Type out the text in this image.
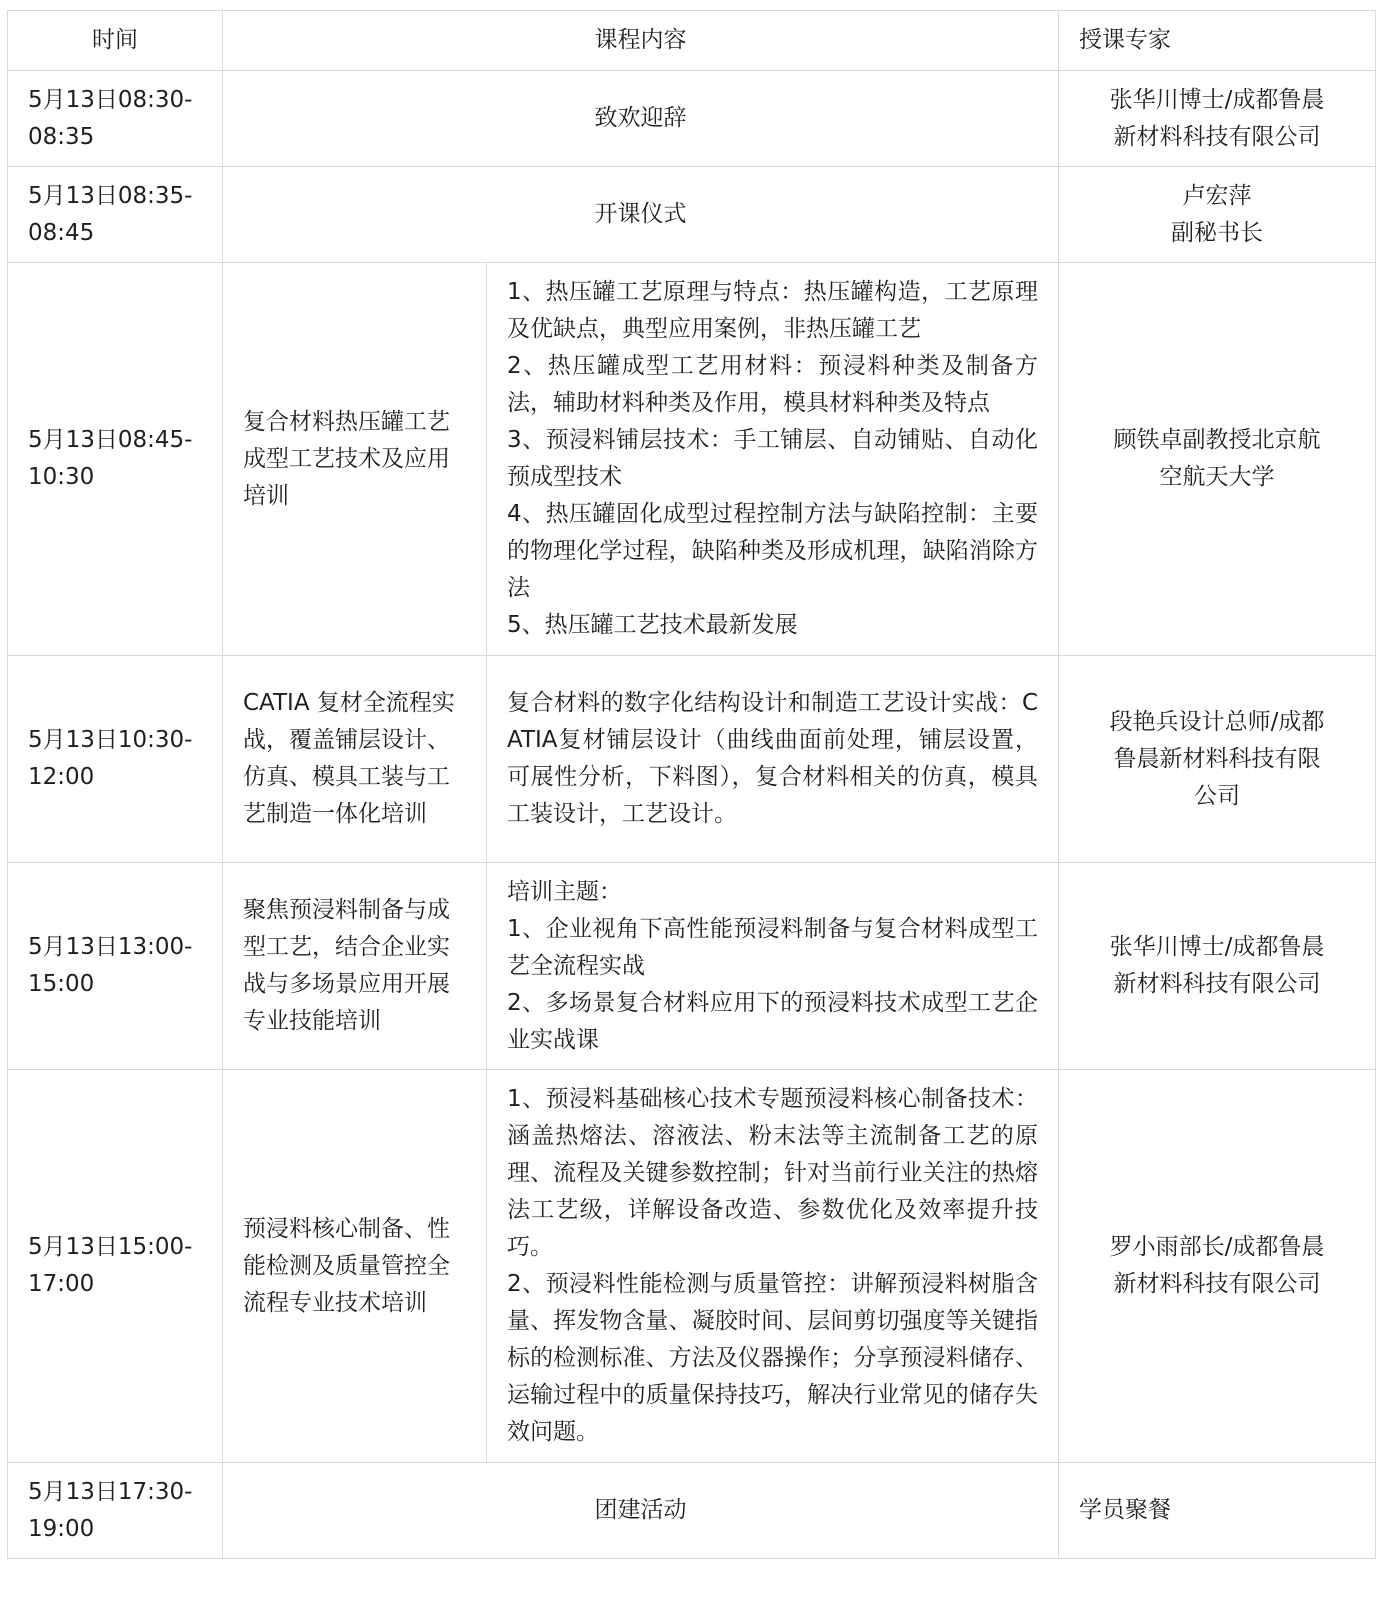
时间	课程内容		授课专家

5月13日08:30-
08:35	致欢迎辞		张华川博士/成都鲁晨
新材料科技有限公司

5月13日08:35-
08:45	开课仪式		卢宏萍
副秘书长

5月13日08:45-
10:30	复合材料热压罐工艺成型工艺技术及应用培训	1、热压罐工艺原理与特点：热压罐构造，工艺原理及优缺点，典型应用案例，非热压罐工艺
2、热压罐成型工艺用材料：预浸料种类及制备方法，辅助材料种类及作用，模具材料种类及特点
3、预浸料铺层技术：手工铺层、自动铺贴、自动化预成型技术
4、热压罐固化成型过程控制方法与缺陷控制：主要的物理化学过程，缺陷种类及形成机理，缺陷消除方法
5、热压罐工艺技术最新发展	顾铁卓副教授北京航
空航天大学

5月13日10:30-
12:00	CATIA 复材全流程实战，覆盖铺层设计、仿真、模具工装与工艺制造一体化培训	复合材料的数字化结构设计和制造工艺设计实战：CATIA复材铺层设计（曲线曲面前处理，铺层设置，可展性分析，下料图），复合材料相关的仿真，模具工装设计，工艺设计。	段艳兵设计总师/成都
鲁晨新材料科技有限
公司

5月13日13:00-
15:00	聚焦预浸料制备与成型工艺，结合企业实战与多场景应用开展专业技能培训	培训主题：
1、企业视角下高性能预浸料制备与复合材料成型工艺全流程实战
2、多场景复合材料应用下的预浸料技术成型工艺企业实战课	张华川博士/成都鲁晨
新材料科技有限公司

5月13日15:00-
17:00	预浸料核心制备、性能检测及质量管控全流程专业技术培训	1、预浸料基础核心技术专题预浸料核心制备技术：涵盖热熔法、溶液法、粉末法等主流制备工艺的原理、流程及关键参数控制；针对当前行业关注的热熔法工艺级，详解设备改造、参数优化及效率提升技巧。
2、预浸料性能检测与质量管控：讲解预浸料树脂含量、挥发物含量、凝胶时间、层间剪切强度等关键指标的检测标准、方法及仪器操作；分享预浸料储存、运输过程中的质量保持技巧，解决行业常见的储存失效问题。	罗小雨部长/成都鲁晨
新材料科技有限公司

5月13日17:30-
19:00	团建活动		学员聚餐
